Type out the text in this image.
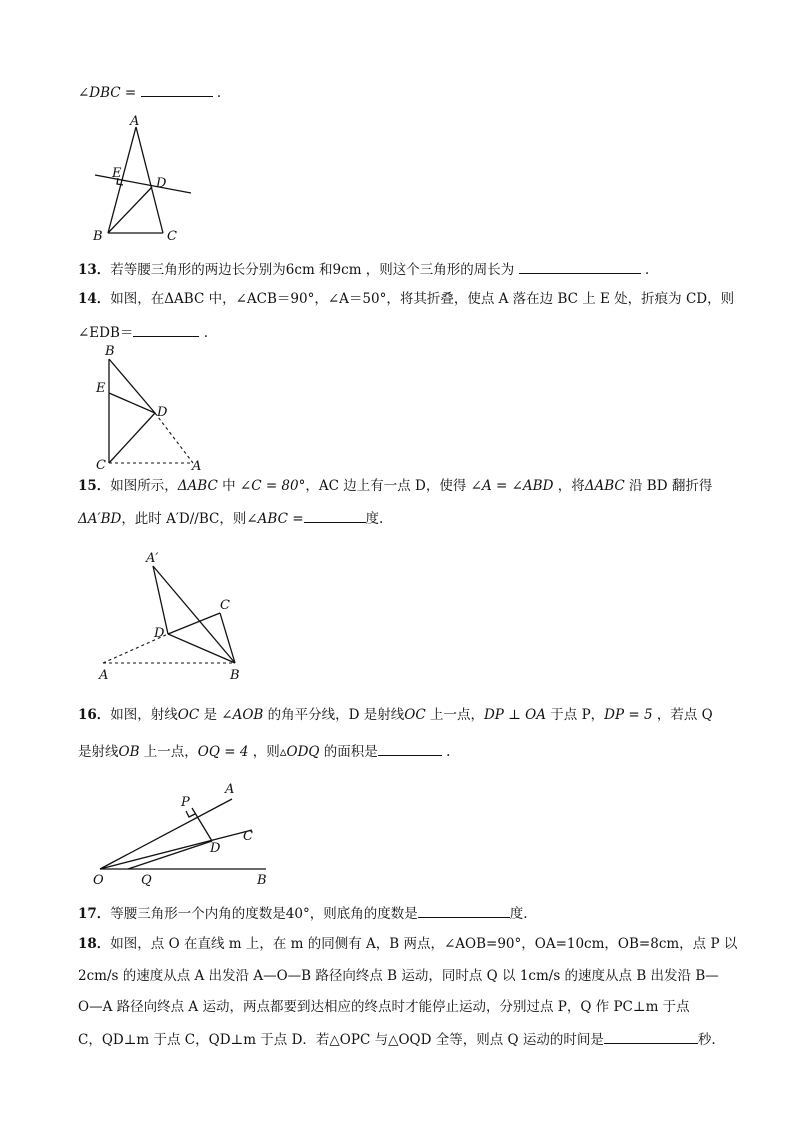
∠DBC =	.
A
E
D
B	C
13．若等腰三角形的两边长分别为6cm 和9cm ，则这个三角形的周长为	.
14．如图，在ΔABC 中，∠ACB＝90°，∠A＝50°，将其折叠，使点 A 落在边 BC 上 E 处，折痕为 CD，则
∠EDB＝	.
B
E
D
C	A
15．如图所示，ΔABC 中 ∠C = 80°，AC 边上有一点 D，使得 ∠A = ∠ABD ，将ΔABC 沿 BD 翻折得
ΔA′BD，此时 A′D//BC，则∠ABC =	度.
A′
C
D
A	B
16．如图，射线OC 是 ∠AOB 的角平分线，D 是射线OC 上一点，DP ⊥ OA 于点 P，DP = 5 ，若点 Q
是射线OB 上一点，OQ = 4 ，则▵ODQ 的面积是	.
A
P
C
D
O	Q	B
17．等腰三角形一个内角的度数是40°，则底角的度数是	度.
18．如图，点 O 在直线 m 上，在 m 的同侧有 A，B 两点，∠AOB=90°，OA=10cm，OB=8cm，点 P 以
2cm/s 的速度从点 A 出发沿 A—O—B 路径向终点 B 运动，同时点 Q 以 1cm/s 的速度从点 B 出发沿 B—
O—A 路径向终点 A 运动，两点都要到达相应的终点时才能停止运动，分别过点 P，Q 作 PC⊥m 于点
C，QD⊥m 于点 C，QD⊥m 于点 D．若△OPC 与△OQD 全等，则点 Q 运动的时间是	秒.
